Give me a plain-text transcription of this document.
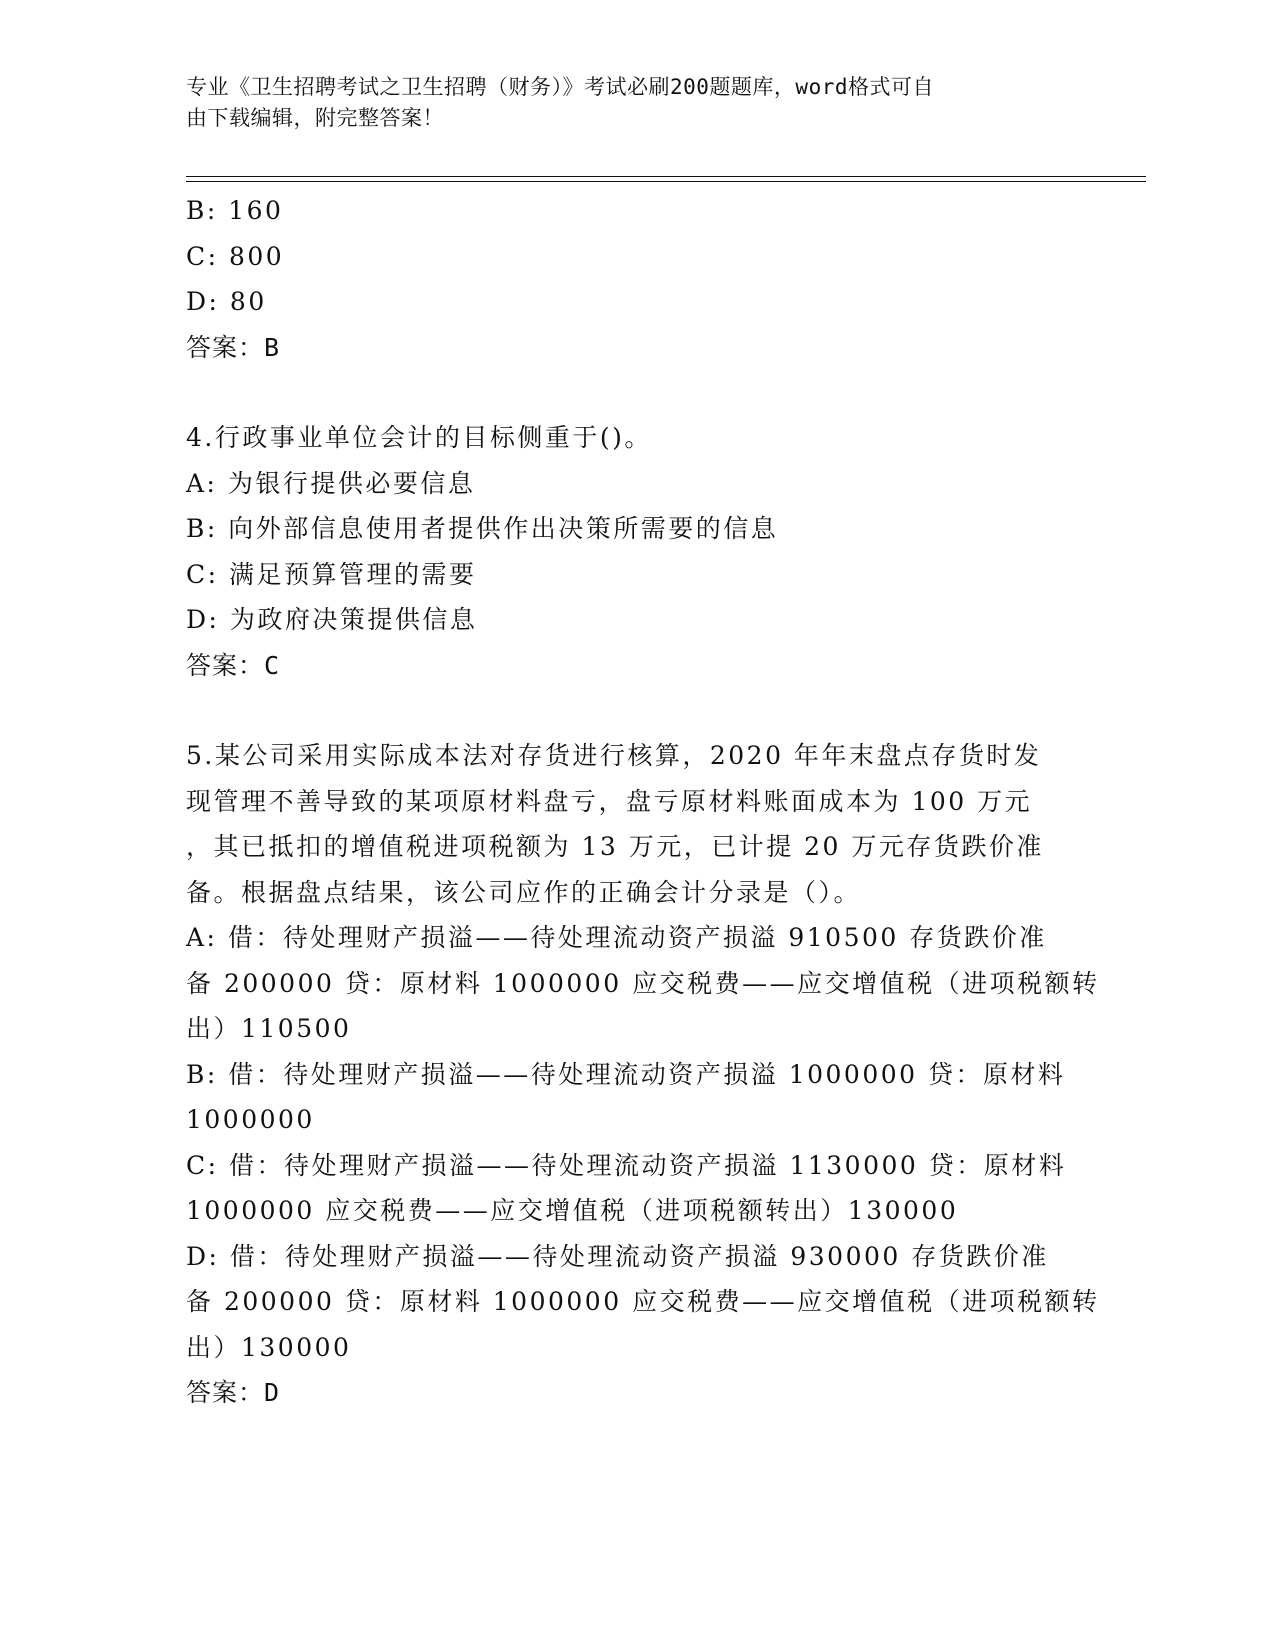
专业《卫生招聘考试之卫生招聘（财务）》考试必刷200题题库，word格式可自
由下载编辑，附完整答案！
B: 160
C: 800
D: 80
答案：B
4.行政事业单位会计的目标侧重于()。
A: 为银行提供必要信息
B: 向外部信息使用者提供作出决策所需要的信息
C: 满足预算管理的需要
D: 为政府决策提供信息
答案：C
5.某公司采用实际成本法对存货进行核算，2020 年年末盘点存货时发
现管理不善导致的某项原材料盘亏，盘亏原材料账面成本为 100 万元
，其已抵扣的增值税进项税额为 13 万元，已计提 20 万元存货跌价准
备。根据盘点结果，该公司应作的正确会计分录是（）。
A: 借：待处理财产损溢——待处理流动资产损溢 910500 存货跌价准
备 200000 贷：原材料 1000000 应交税费——应交增值税（进项税额转
出）110500
B: 借：待处理财产损溢——待处理流动资产损溢 1000000 贷：原材料
1000000
C: 借：待处理财产损溢——待处理流动资产损溢 1130000 贷：原材料
1000000 应交税费——应交增值税（进项税额转出）130000
D: 借：待处理财产损溢——待处理流动资产损溢 930000 存货跌价准
备 200000 贷：原材料 1000000 应交税费——应交增值税（进项税额转
出）130000
答案：D
